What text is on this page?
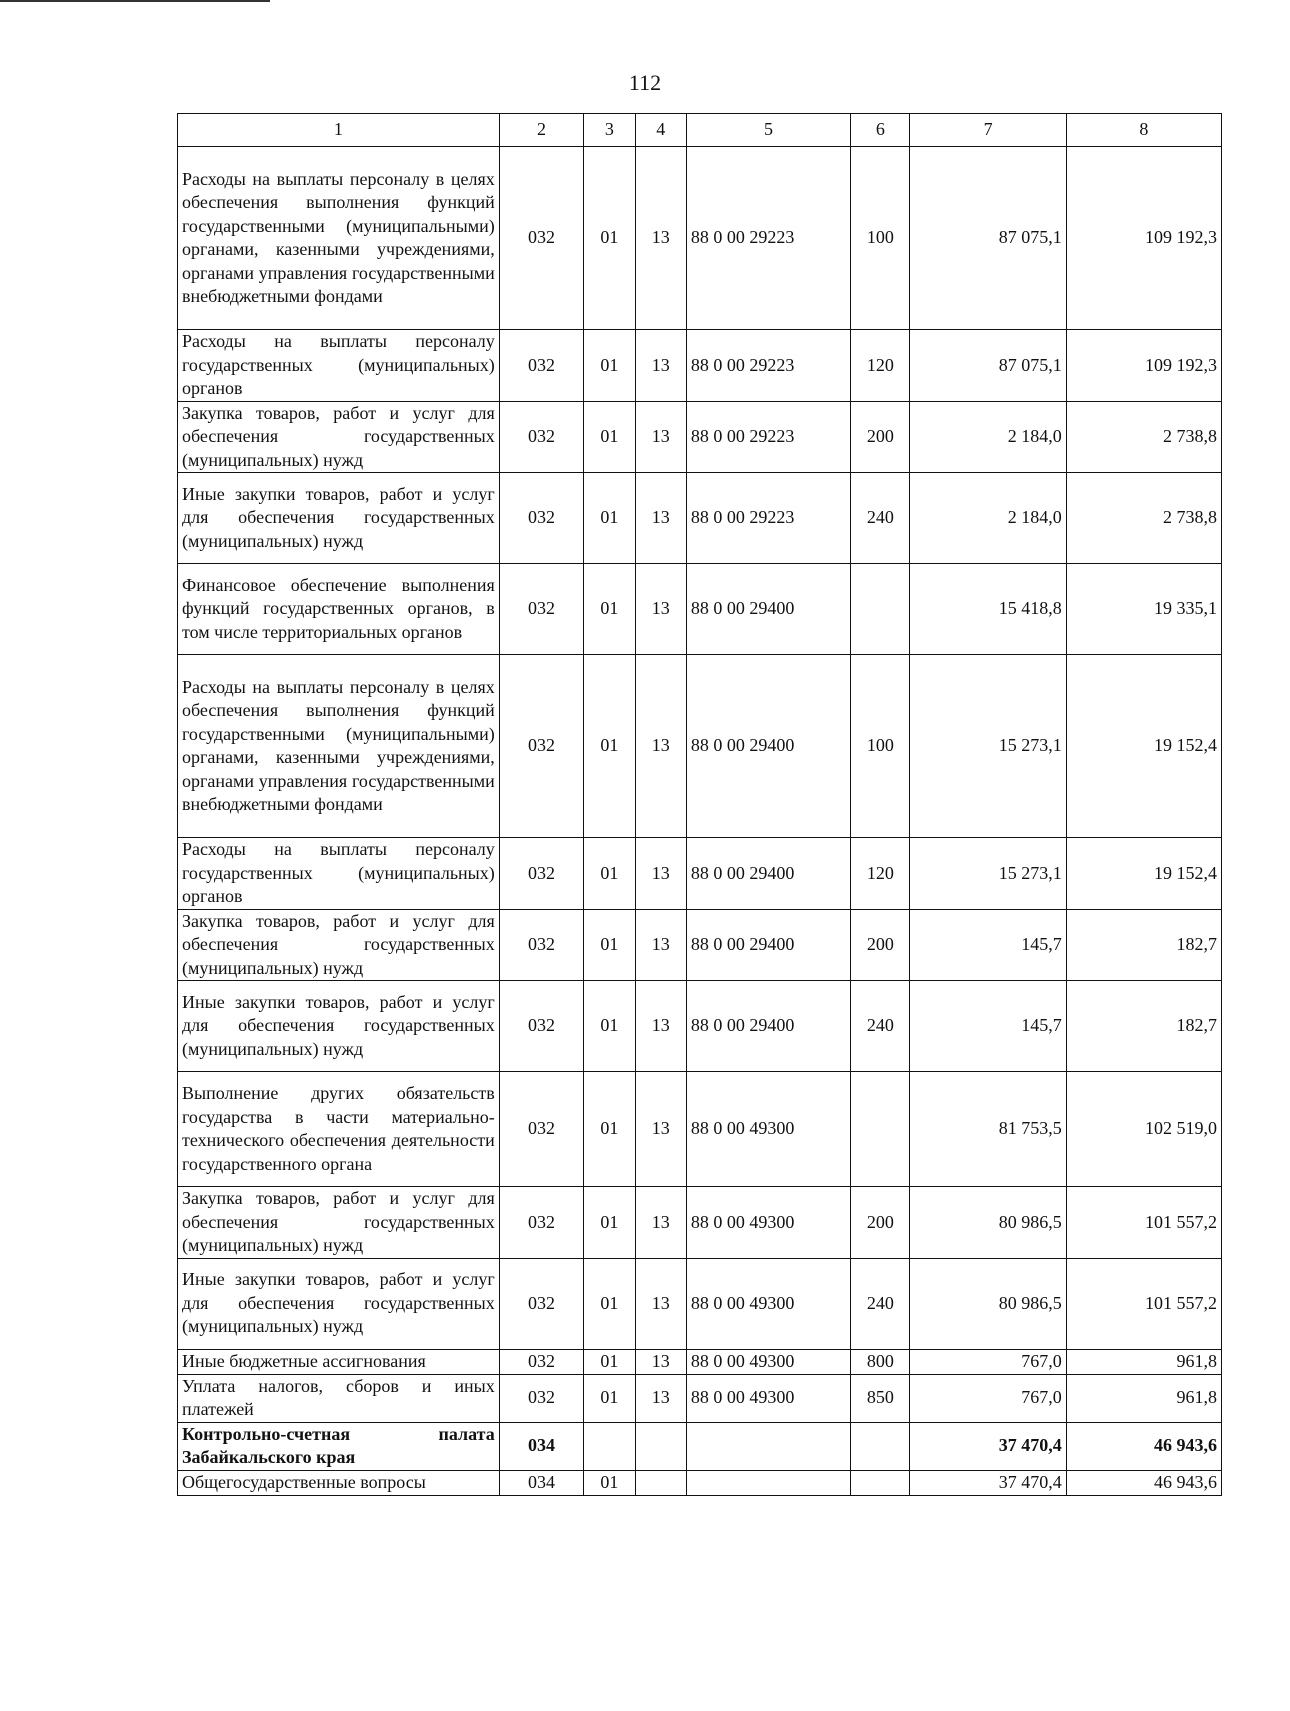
112
1	2	3	4	5	6	7	8
Расходы на выплаты персоналу в целях обеспечения выполнения функций государственными (муниципальными) органами, казенными учреждениями, органами управления государственными внебюджетными фондами	032	01	13	88 0 00 29223	100	87 075,1	109 192,3
Расходы на выплаты персоналу государственных (муниципальных) органов	032	01	13	88 0 00 29223	120	87 075,1	109 192,3
Закупка товаров, работ и услуг для обеспечения государственных (муниципальных) нужд	032	01	13	88 0 00 29223	200	2 184,0	2 738,8
Иные закупки товаров, работ и услуг для обеспечения государственных (муниципальных) нужд	032	01	13	88 0 00 29223	240	2 184,0	2 738,8
Финансовое обеспечение выполнения функций государственных органов, в том числе территориальных органов	032	01	13	88 0 00 29400		15 418,8	19 335,1
Расходы на выплаты персоналу в целях обеспечения выполнения функций государственными (муниципальными) органами, казенными учреждениями, органами управления государственными внебюджетными фондами	032	01	13	88 0 00 29400	100	15 273,1	19 152,4
Расходы на выплаты персоналу государственных (муниципальных) органов	032	01	13	88 0 00 29400	120	15 273,1	19 152,4
Закупка товаров, работ и услуг для обеспечения государственных (муниципальных) нужд	032	01	13	88 0 00 29400	200	145,7	182,7
Иные закупки товаров, работ и услуг для обеспечения государственных (муниципальных) нужд	032	01	13	88 0 00 29400	240	145,7	182,7
Выполнение других обязательств государства в части материально-технического обеспечения деятельности государственного органа	032	01	13	88 0 00 49300		81 753,5	102 519,0
Закупка товаров, работ и услуг для обеспечения государственных (муниципальных) нужд	032	01	13	88 0 00 49300	200	80 986,5	101 557,2
Иные закупки товаров, работ и услуг для обеспечения государственных (муниципальных) нужд	032	01	13	88 0 00 49300	240	80 986,5	101 557,2
Иные бюджетные ассигнования	032	01	13	88 0 00 49300	800	767,0	961,8
Уплата налогов, сборов и иных платежей	032	01	13	88 0 00 49300	850	767,0	961,8
Контрольно-счетная палата Забайкальского края	034					37 470,4	46 943,6
Общегосударственные вопросы	034	01				37 470,4	46 943,6
